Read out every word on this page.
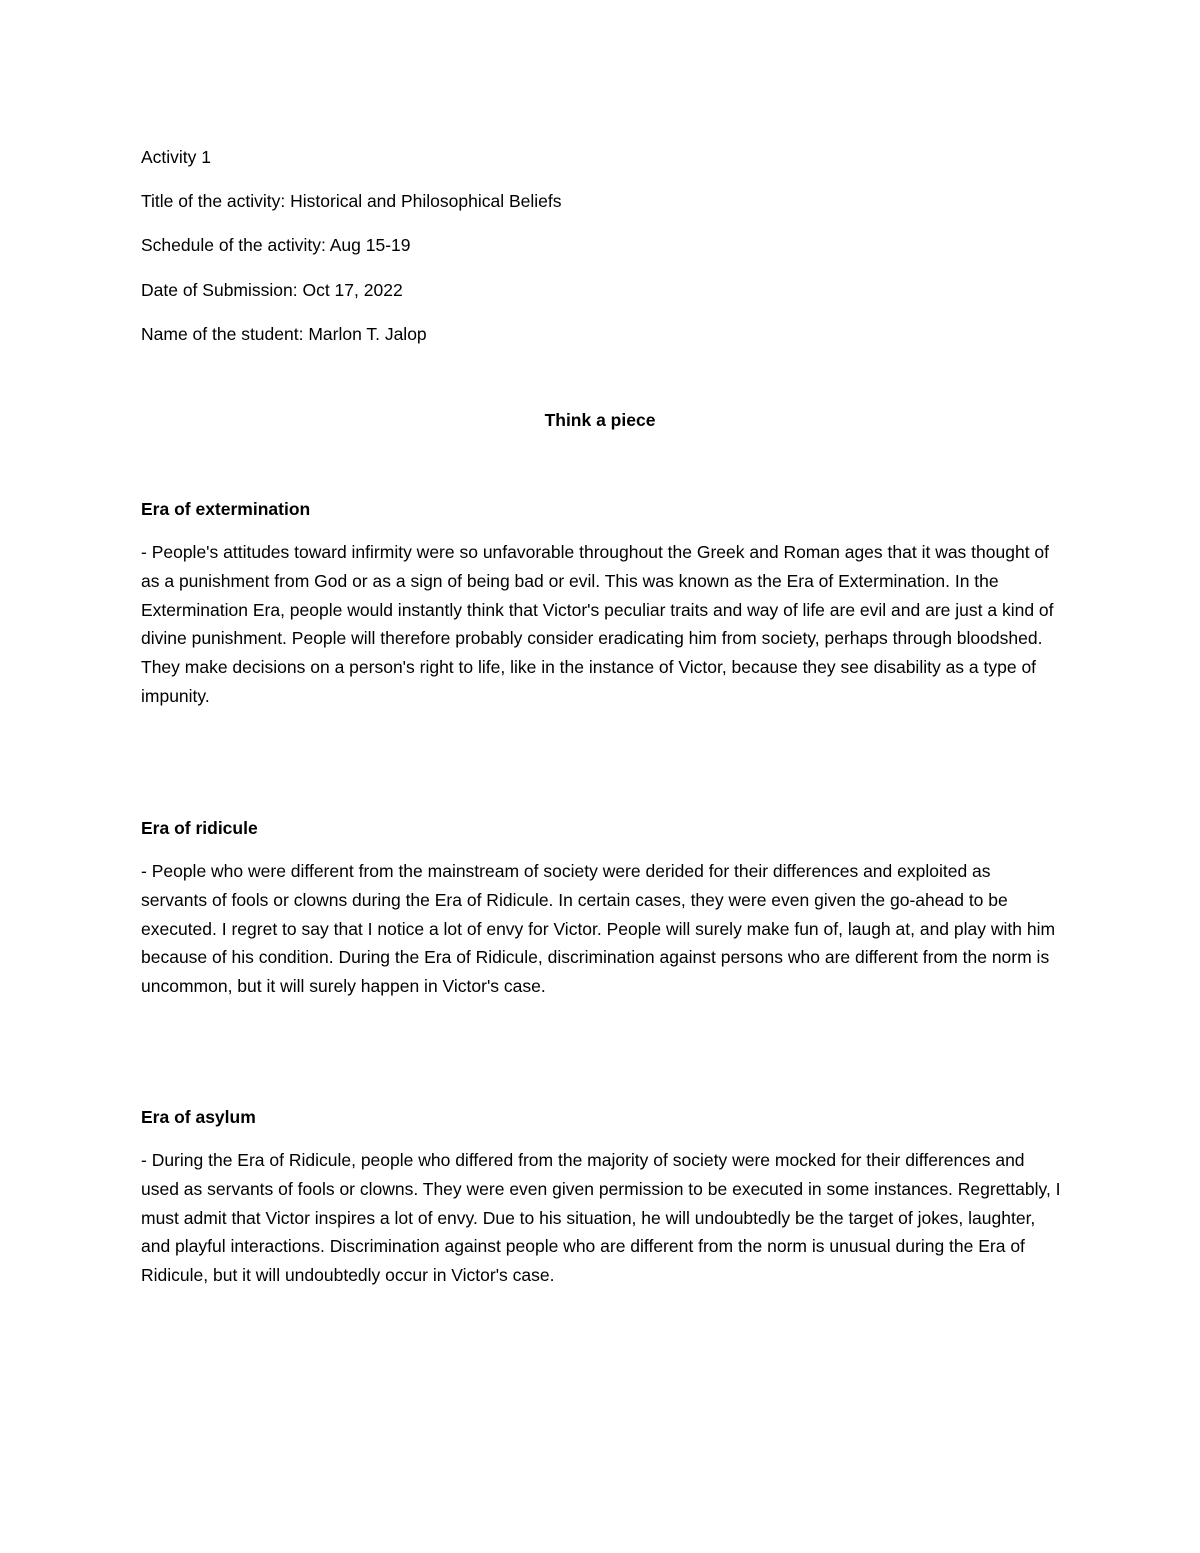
Activity 1
Title of the activity: Historical and Philosophical Beliefs
Schedule of the activity: Aug 15-19
Date of Submission: Oct 17, 2022
Name of the student: Marlon T. Jalop
Think a piece
Era of extermination

- People's attitudes toward infirmity were so unfavorable throughout the Greek and Roman ages that it was thought of as a punishment from God or as a sign of being bad or evil. This was known as the Era of Extermination. In the Extermination Era, people would instantly think that Victor's peculiar traits and way of life are evil and are just a kind of divine punishment. People will therefore probably consider eradicating him from society, perhaps through bloodshed. They make decisions on a person's right to life, like in the instance of Victor, because they see disability as a type of impunity.

Era of ridicule

- People who were different from the mainstream of society were derided for their differences and exploited as servants of fools or clowns during the Era of Ridicule. In certain cases, they were even given the go-ahead to be executed. I regret to say that I notice a lot of envy for Victor. People will surely make fun of, laugh at, and play with him because of his condition. During the Era of Ridicule, discrimination against persons who are different from the norm is uncommon, but it will surely happen in Victor's case.

Era of asylum

- During the Era of Ridicule, people who differed from the majority of society were mocked for their differences and used as servants of fools or clowns. They were even given permission to be executed in some instances. Regrettably, I must admit that Victor inspires a lot of envy. Due to his situation, he will undoubtedly be the target of jokes, laughter, and playful interactions. Discrimination against people who are different from the norm is unusual during the Era of Ridicule, but it will undoubtedly occur in Victor's case.
